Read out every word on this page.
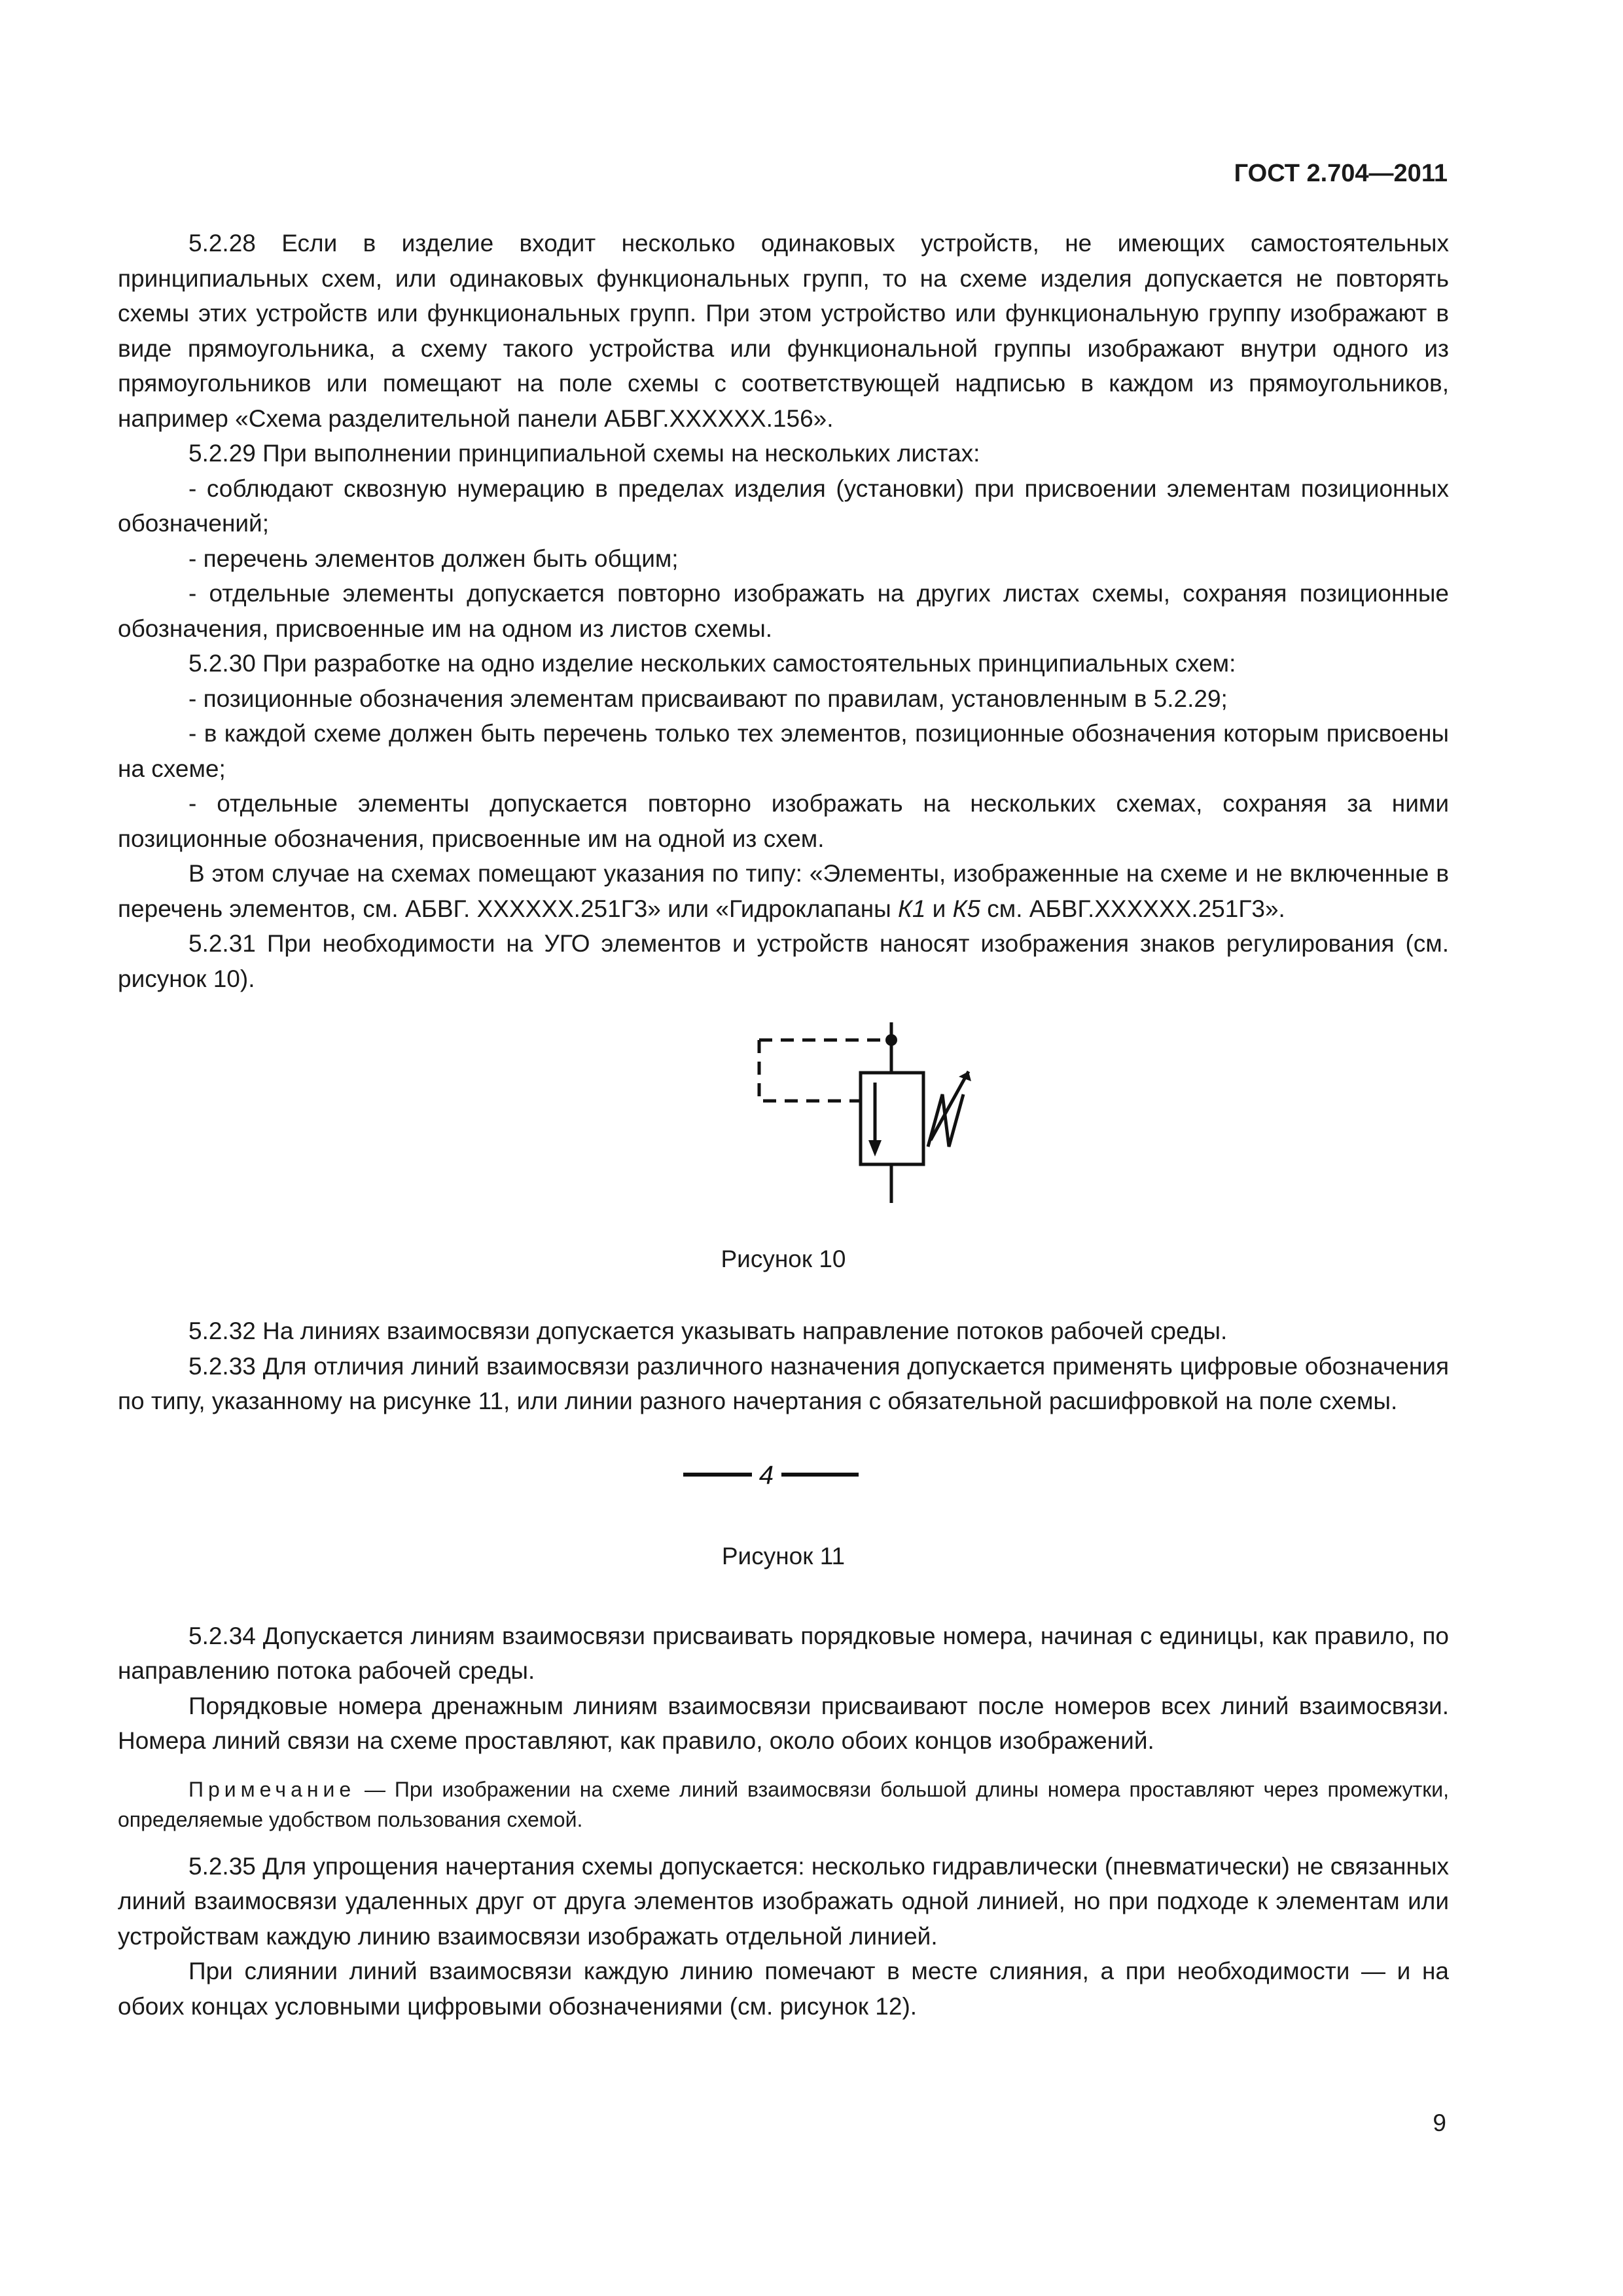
ГОСТ 2.704—2011

5.2.28 Если в изделие входит несколько одинаковых устройств, не имеющих самостоятельных принципиальных схем, или одинаковых функциональных групп, то на схеме изделия допускается не повторять схемы этих устройств или функциональных групп. При этом устройство или функциональную группу изображают в виде прямоугольника, а схему такого устройства или функциональной группы изображают внутри одного из прямоугольников или помещают на поле схемы с соответствующей надписью в каждом из прямоугольников, например «Схема разделительной панели АБВГ.XXXXXX.156».

5.2.29 При выполнении принципиальной схемы на нескольких листах:

- соблюдают сквозную нумерацию в пределах изделия (установки) при присвоении элементам позиционных обозначений;

- перечень элементов должен быть общим;

- отдельные элементы допускается повторно изображать на других листах схемы, сохраняя позиционные обозначения, присвоенные им на одном из листов схемы.

5.2.30 При разработке на одно изделие нескольких самостоятельных принципиальных схем:

- позиционные обозначения элементам присваивают по правилам, установленным в 5.2.29;

- в каждой схеме должен быть перечень только тех элементов, позиционные обозначения которым присвоены на схеме;

- отдельные элементы допускается повторно изображать на нескольких схемах, сохраняя за ними позиционные обозначения, присвоенные им на одной из схем.

В этом случае на схемах помещают указания по типу: «Элементы, изображенные на схеме и не включенные в перечень элементов, см. АБВГ. XXXXXX.251Г3» или «Гидроклапаны К1 и К5 см. АБВГ.XXXXXX.251Г3».

5.2.31 При необходимости на УГО элементов и устройств наносят изображения знаков регулирования (см. рисунок 10).

Рисунок 10

5.2.32 На линиях взаимосвязи допускается указывать направление потоков рабочей среды.

5.2.33 Для отличия линий взаимосвязи различного назначения допускается применять цифровые обозначения по типу, указанному на рисунке 11, или линии разного начертания с обязательной расшифровкой на поле схемы.

4
Рисунок 11

5.2.34 Допускается линиям взаимосвязи присваивать порядковые номера, начиная с единицы, как правило, по направлению потока рабочей среды.

Порядковые номера дренажным линиям взаимосвязи присваивают после номеров всех линий взаимосвязи. Номера линий связи на схеме проставляют, как правило, около обоих концов изображений.

Примечание — При изображении на схеме линий взаимосвязи большой длины номера проставляют через промежутки, определяемые удобством пользования схемой.

5.2.35 Для упрощения начертания схемы допускается: несколько гидравлически (пневматически) не связанных линий взаимосвязи удаленных друг от друга элементов изображать одной линией, но при подходе к элементам или устройствам каждую линию взаимосвязи изображать отдельной линией.

При слиянии линий взаимосвязи каждую линию помечают в месте слияния, а при необходимости — и на обоих концах условными цифровыми обозначениями (см. рисунок 12).

9
